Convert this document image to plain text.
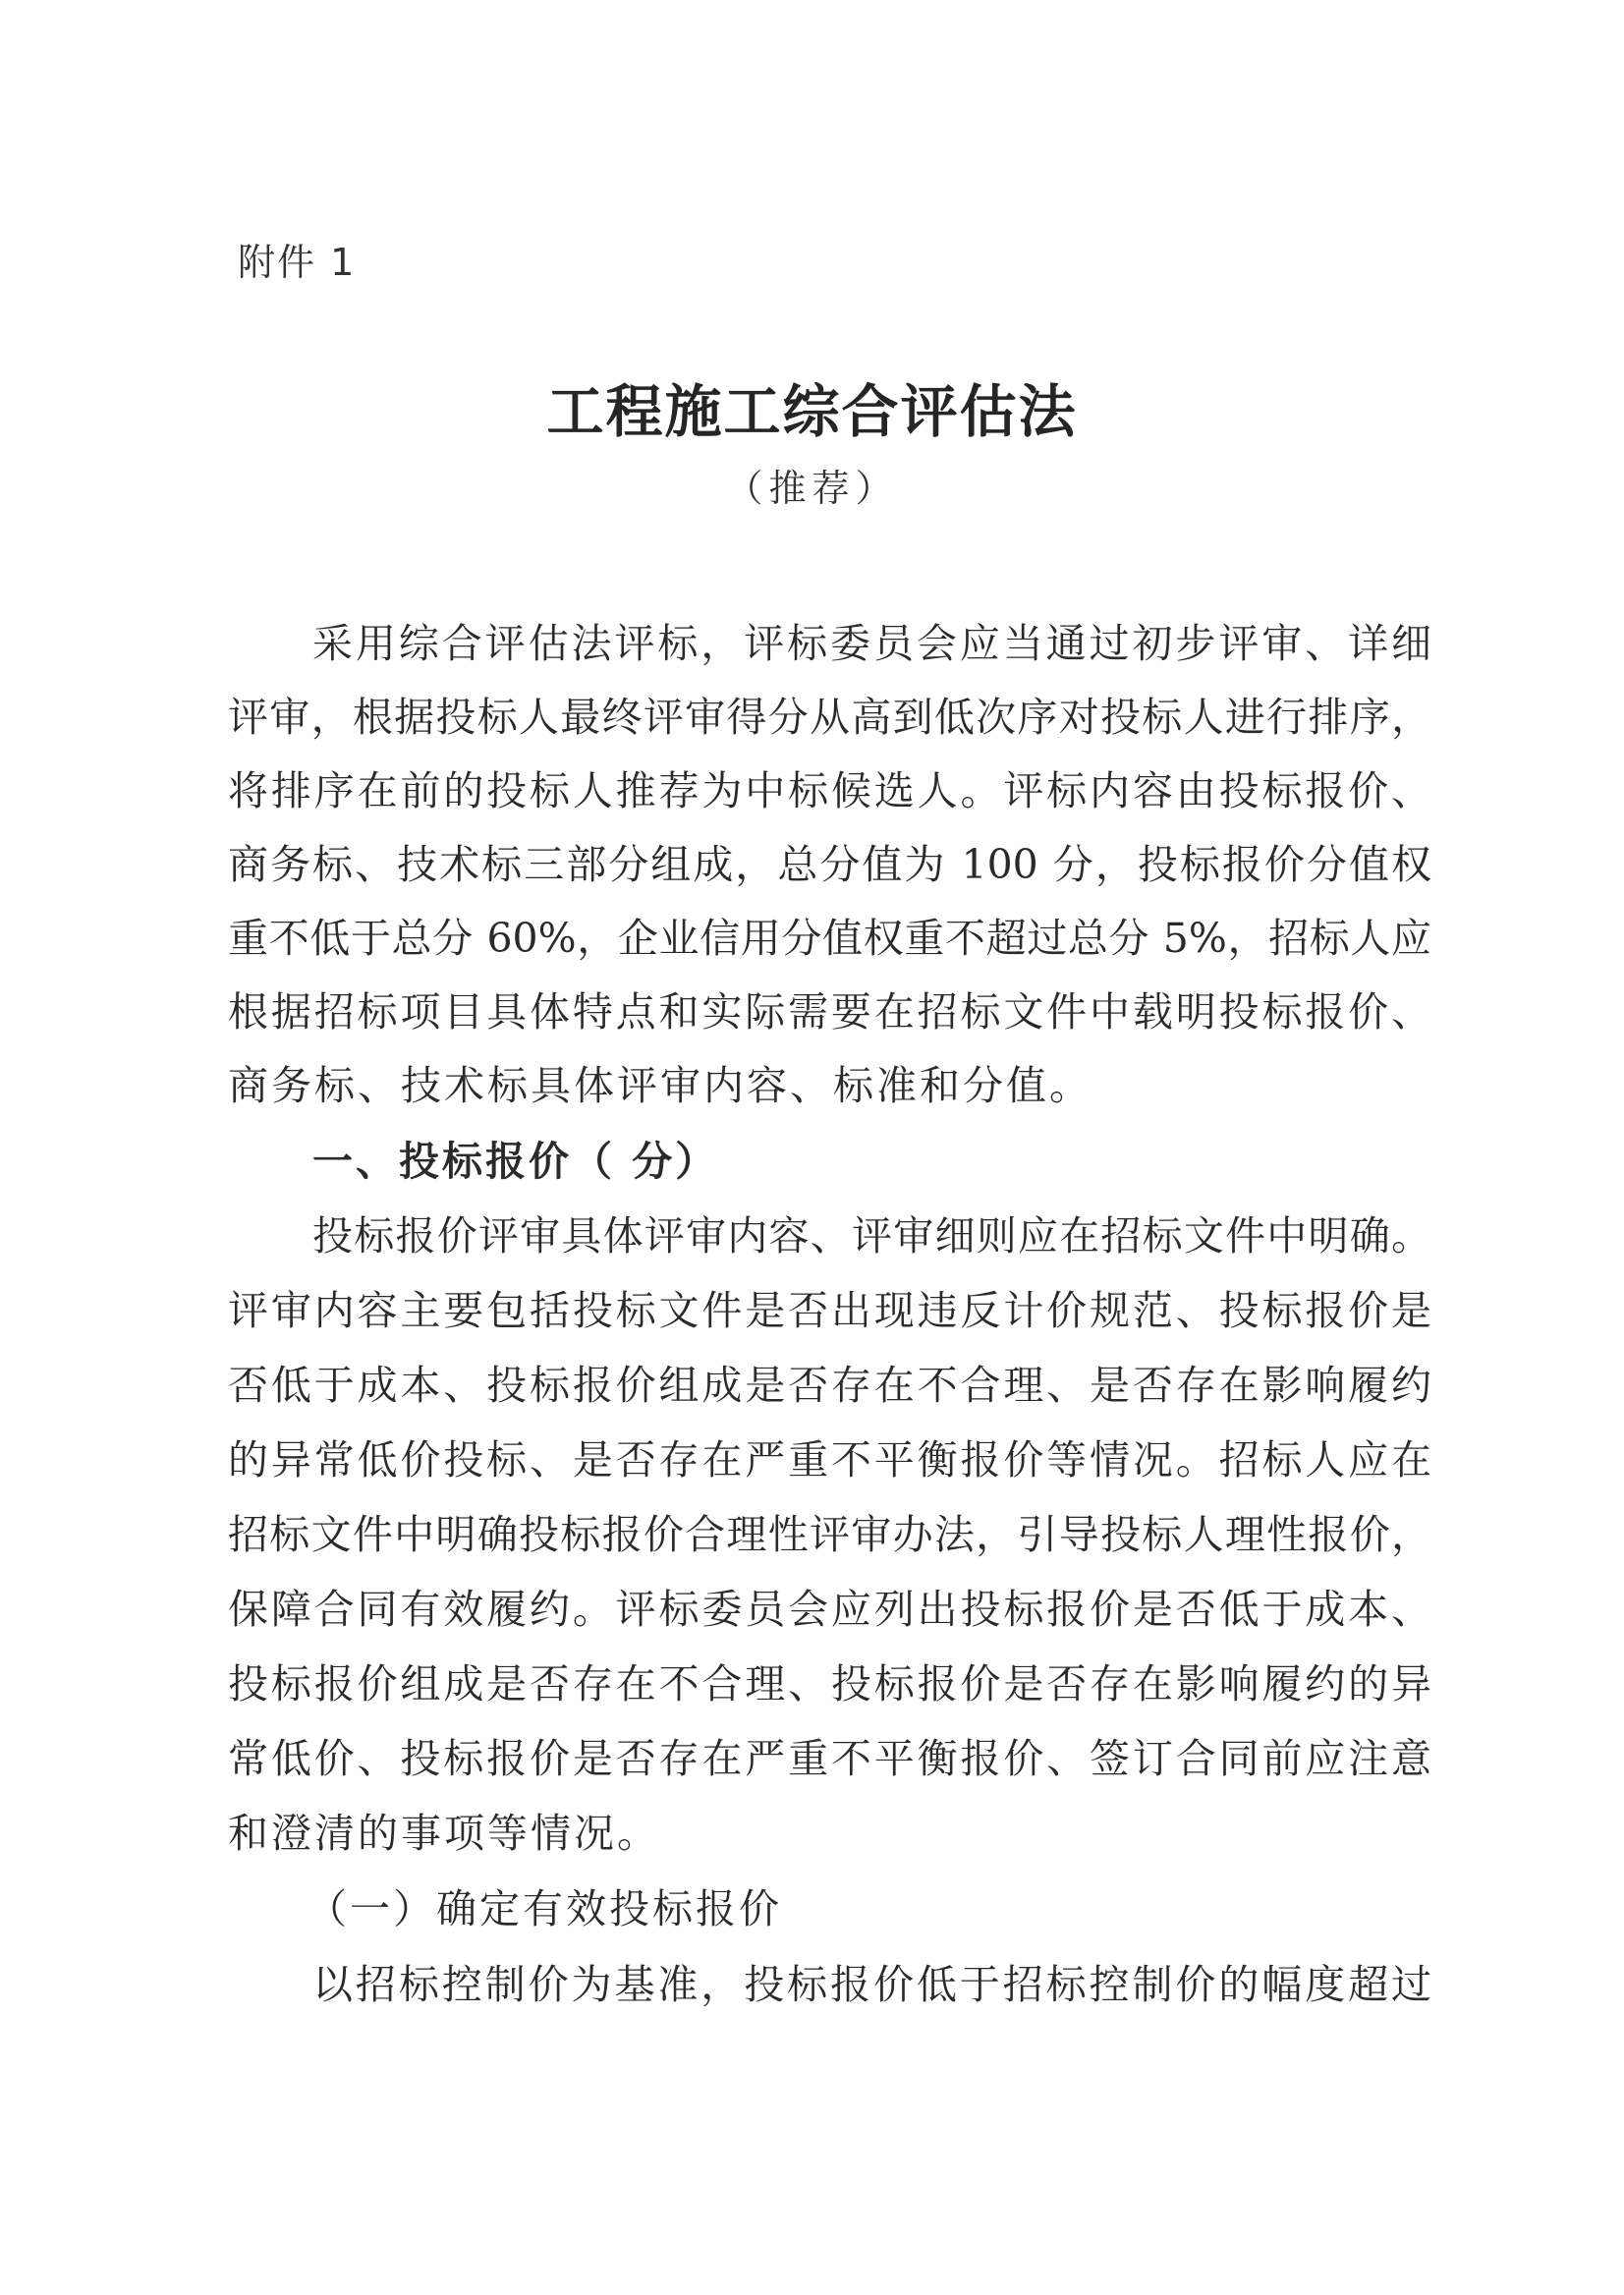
附件 1
工程施工综合评估法
（推荐）
采用综合评估法评标，评标委员会应当通过初步评审、详细
评审，根据投标人最终评审得分从高到低次序对投标人进行排序，
将排序在前的投标人推荐为中标候选人。评标内容由投标报价、
商务标、技术标三部分组成，总分值为 100 分，投标报价分值权
重不低于总分 60%，企业信用分值权重不超过总分 5%，招标人应
根据招标项目具体特点和实际需要在招标文件中载明投标报价、
商务标、技术标具体评审内容、标准和分值。
一、投标报价（ 分）
投标报价评审具体评审内容、评审细则应在招标文件中明确。
评审内容主要包括投标文件是否出现违反计价规范、投标报价是
否低于成本、投标报价组成是否存在不合理、是否存在影响履约
的异常低价投标、是否存在严重不平衡报价等情况。招标人应在
招标文件中明确投标报价合理性评审办法，引导投标人理性报价，
保障合同有效履约。评标委员会应列出投标报价是否低于成本、
投标报价组成是否存在不合理、投标报价是否存在影响履约的异
常低价、投标报价是否存在严重不平衡报价、签订合同前应注意
和澄清的事项等情况。
（一）确定有效投标报价
以招标控制价为基准，投标报价低于招标控制价的幅度超过
